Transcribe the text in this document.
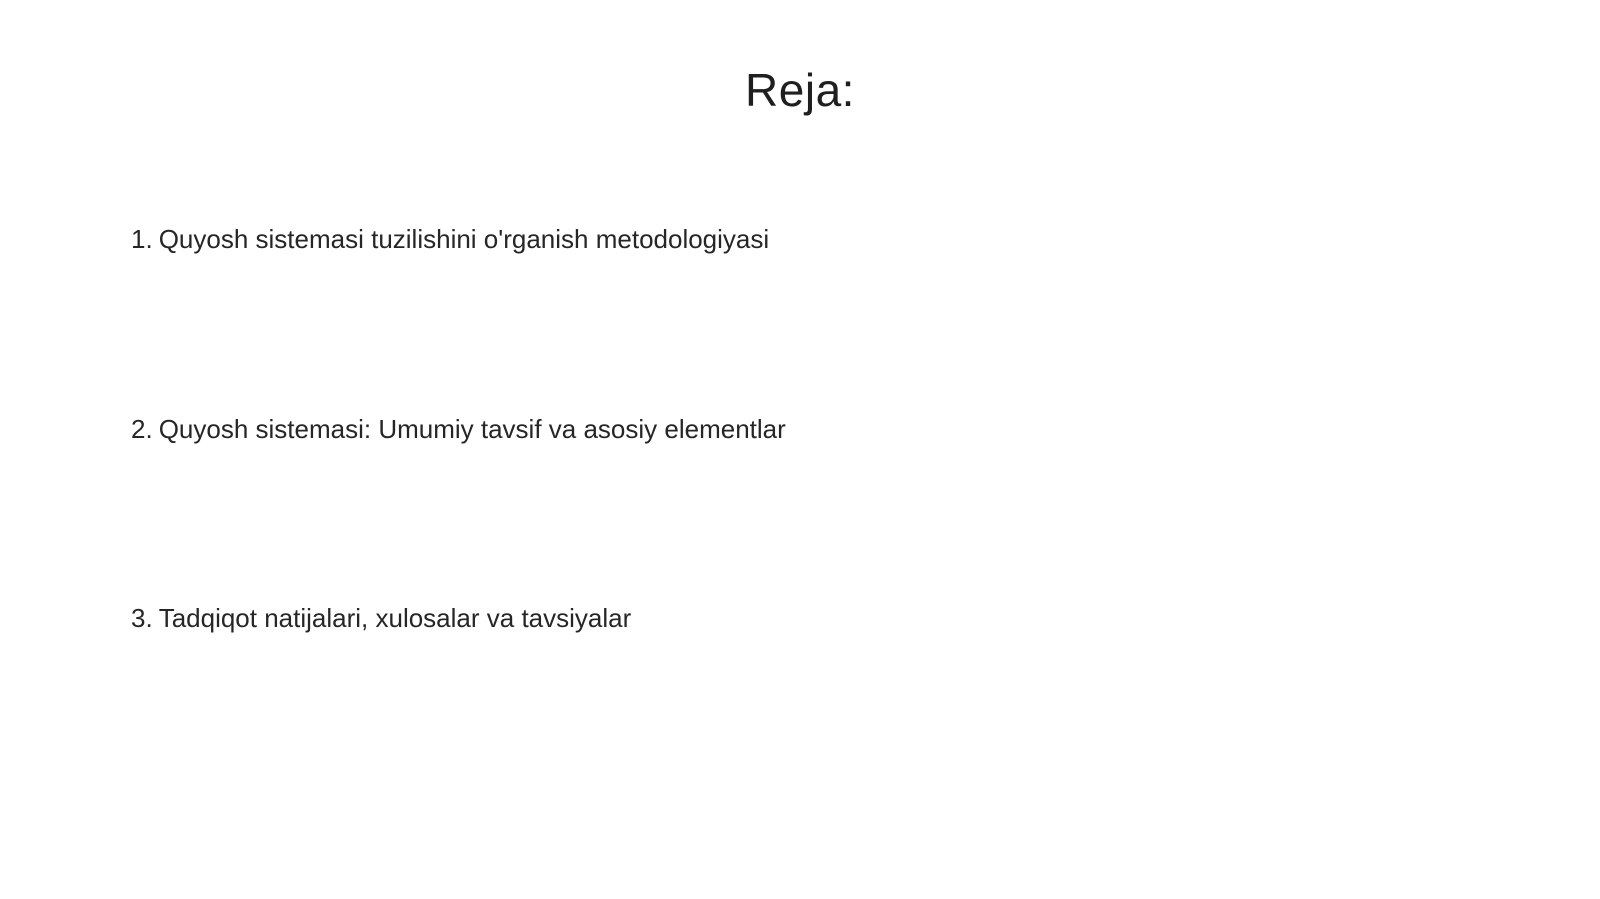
Reja:
1. Quyosh sistemasi tuzilishini o'rganish metodologiyasi
2. Quyosh sistemasi: Umumiy tavsif va asosiy elementlar
3. Tadqiqot natijalari, xulosalar va tavsiyalar
